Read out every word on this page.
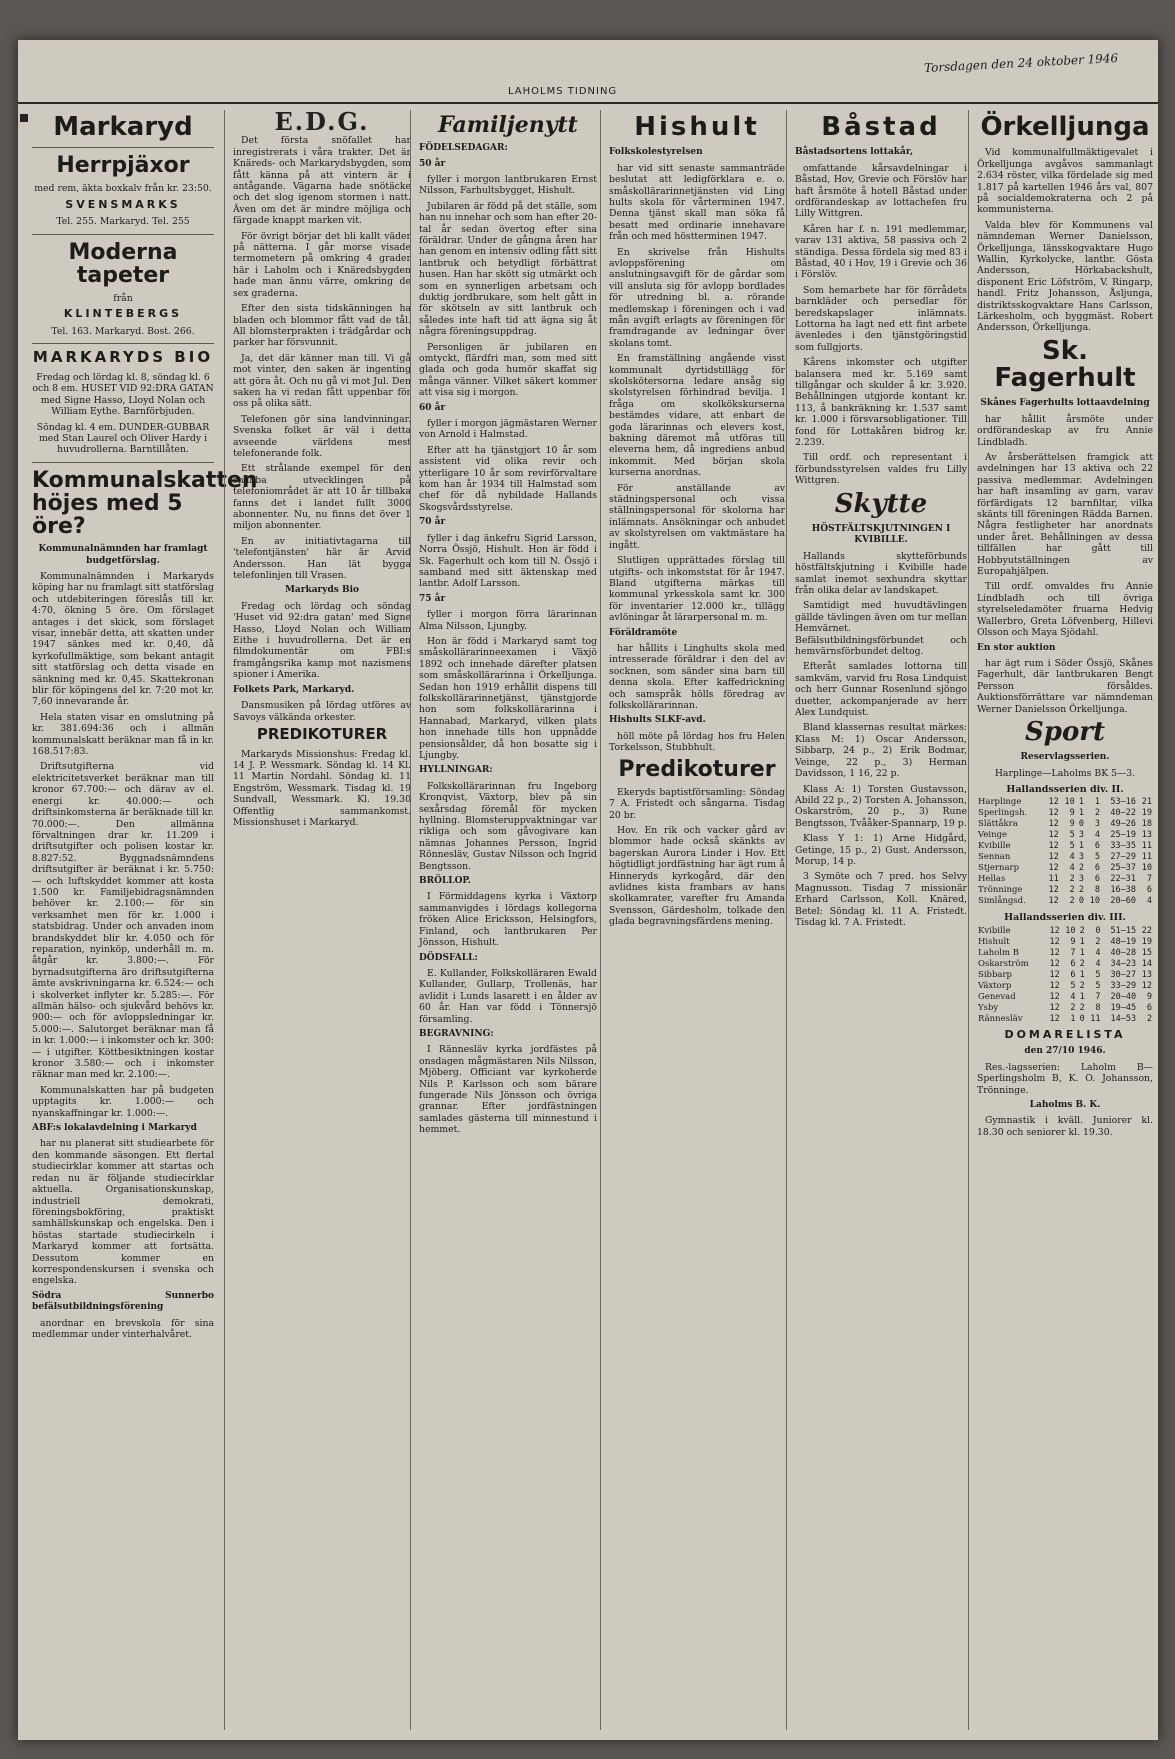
LAHOLMS TIDNING
Torsdagen den 24 oktober 1946
Markaryd
Herrpjäxor

med rem, äkta boxkalv från kr. 23:50.

SVENSMARKS

Tel. 255. Markaryd. Tel. 255

Moderna tapeter

från

KLINTEBERGS

Tel. 163. Markaryd. Bost. 266.

MARKARYDS BIO

Fredag och lördag kl. 8, söndag kl. 6 och 8 em. HUSET VID 92:DRA GATAN med Signe Hasso, Lloyd Nolan och William Eythe. Barnförbjuden.

Söndag kl. 4 em. DUNDER-GUBBAR med Stan Laurel och Oliver Hardy i huvudrollerna. Barntillåten.

Kommunalskatten höjes med 5 öre?

Kommunalnämnden har framlagt budgetförslag.

Kommunalnämnden i Markaryds köping har nu framlagt sitt statförslag och utdebiteringen föreslås till kr. 4:70, ökning 5 öre. Om förslaget antages i det skick, som förslaget visar, innebär detta, att skatten under 1947 sänkes med kr. 0,40, då kyrkofullmäktige, som bekant antagit sitt statförslag och detta visade en sänkning med kr. 0,45. Skattekronan blir för köpingens del kr. 7:20 mot kr. 7,60 innevarande år.

Hela staten visar en omslutning på kr. 381.694:36 och i allmän kommunalskatt beräknar man få in kr. 168.517:83.

Driftsutgifterna vid elektricitetsverket beräknar man till kronor 67.700:— och därav av el. energi kr. 40.000:— och driftsinkomsterna är beräknade till kr. 70.000:—. Den allmänna förvaltningen drar kr. 11.209 i driftsutgifter och polisen kostar kr. 8.827:52. Byggnadsnämndens driftsutgifter är beräknat i kr. 5.750:— och luftskyddet kommer att kosta 1.500 kr. Familjebidragsnämnden behöver kr. 2.100:— för sin verksamhet men för kr. 1.000 i statsbidrag. Under och anvaden inom brandskyddet blir kr. 4.050 och för reparation, nyinköp, underhåll m. m. åtgår kr. 3.800:—. För byrnadsutgifterna äro driftsutgifterna ämte avskrivningarna kr. 6.524:— och i skolverket inflyter kr. 5.285:—. För allmän hälso- och sjukvård behövs kr. 900:— och för avloppsledningar kr. 5.000:—. Salutorget beräknar man få in kr. 1.000:— i inkomster och kr. 300:— i utgifter. Köttbesiktningen kostar kronor 3.580:— och i inkomster räknar man med kr. 2.100:—.

Kommunalskatten har på budgeten upptagits kr. 1.000:— och nyanskaffningar kr. 1.000:—.

ABF:s lokalavdelning i Markaryd

har nu planerat sitt studiearbete för den kommande säsongen. Ett flertal studiecirklar kommer att startas och redan nu är följande studiecirklar aktuella. Organisationskunskap, industriell demokrati, föreningsbokföring, praktiskt samhällskunskap och engelska. Den i höstas startade studiecirkeln i Markaryd kommer att fortsätta. Dessutom kommer en korrespondenskursen i svenska och engelska.

Södra Sunnerbo befälsutbildningsförening

anordnar en brevskola för sina medlemmar under vinterhalvåret.

E.D.G.

Det första snöfallet har inregistrerats i våra trakter. Det är Knäreds- och Markarydsbygden, som fått känna på att vintern är i antågande. Vägarna hade snötäcke och det slog igenom stormen i natt. Även om det är mindre möjliga och färgade knappt marken vit.

För övrigt börjar det bli kallt väder på nätterna. I går morse visade termometern på omkring 4 grader här i Laholm och i Knäredsbygden hade man ännu värre, omkring de sex graderna.

Efter den sista tidskänningen ha bladen och blommor fått vad de tål. All blomsterprakten i trädgårdar och parker har försvunnit.

Ja, det där känner man till. Vi gå mot vinter, den saken är ingenting att göra åt. Och nu gå vi mot Jul. Den saken ha vi redan fått uppenbar för oss på olika sätt.

Telefonen gör sina landvinningar. Svenska folket är väl i detta avseende världens mest telefonerande folk.

Ett strålande exempel för den snabba utvecklingen på telefoniområdet är att 10 år tillbaka fanns det i landet fullt 3000 abonnenter. Nu, nu finns det över 1 miljon abonnenter.

En av initiativtagarna till 'telefontjänsten' här är Arvid Andersson. Han lät bygga telefonlinjen till Vrasen.

Markaryds Bio

Fredag och lördag och söndag 'Huset vid 92:dra gatan' med Signe Hasso, Lloyd Nolan och William Eithe i huvudrollerna. Det är en filmdokumentär om FBI:s framgångsrika kamp mot nazismens spioner i Amerika.

Folkets Park, Markaryd.

Dansmusiken på lördag utföres av Savoys välkända orkester.

PREDIKOTURER

Markaryds Missionshus: Fredag kl. 14 J. P. Wessmark. Söndag kl. 14 Kl. 11 Martin Nordahl. Söndag kl. 11 Engström, Wessmark. Tisdag kl. 19 Sundvall, Wessmark. Kl. 19.30 Offentlig sammankomst. Missionshuset i Markaryd.

Familjenytt

FÖDELSEDAGAR:

50 år

fyller i morgon lantbrukaren Ernst Nilsson, Farhultsbygget, Hishult.

Jubilaren är född på det ställe, som han nu innehar och som han efter 20-tal år sedan övertog efter sina föräldrar. Under de gångna åren har han genom en intensiv odling fått sitt lantbruk och betydligt förbättrat husen. Han har skött sig utmärkt och som en synnerligen arbetsam och duktig jordbrukare, som helt gått in för skötseln av sitt lantbruk och således inte haft tid att ägna sig åt några föreningsuppdrag.

Personligen är jubilaren en omtyckt, flärdfri man, som med sitt glada och goda humör skaffat sig många vänner. Vilket säkert kommer att visa sig i morgon.

60 år

fyller i morgon jägmästaren Werner von Arnold i Halmstad.

Efter att ha tjänstgjort 10 år som assistent vid olika revir och ytterligare 10 år som revirförvaltare kom han år 1934 till Halmstad som chef för då nybildade Hallands Skogsvårdsstyrelse.

70 år

fyller i dag änkefru Sigrid Larsson, Norra Össjö, Hishult. Hon är född i Sk. Fagerhult och kom till N. Össjö i samband med sitt äktenskap med lantbr. Adolf Larsson.

75 år

fyller i morgon förra lärarinnan Alma Nilsson, Ljungby.

Hon är född i Markaryd samt tog småskollärarinneexamen i Växjö 1892 och innehade därefter platsen som småskollärarinna i Örkelljunga. Sedan hon 1919 erhållit dispens till folkskollärarinnetjänst, tjänstgjorde hon som folkskollärarinna i Hannabad, Markaryd, vilken plats hon innehade tills hon uppnådde pensionsålder, då hon bosatte sig i Ljungby.

HYLLNINGAR:

Folkskollärarinnan fru Ingeborg Kronqvist, Växtorp, blev på sin sexårsdag föremål för mycken hyllning. Blomsteruppvaktningar var rikliga och som gåvogivare kan nämnas Johannes Persson, Ingrid Rönnesläv, Gustav Nilsson och Ingrid Bengtsson.

BRÖLLOP.

I Förmiddagens kyrka i Växtorp sammanvigdes i lördags kollegorna fröken Alice Ericksson, Helsingfors, Finland, och lantbrukaren Per Jönsson, Hishult.

DÖDSFALL:

E. Kullander, Folkskolläraren Ewald Kullander, Gullarp, Trollenäs, har avlidit i Lunds lasarett i en ålder av 60 år. Han var född i Tönnersjö församling.

BEGRAVNING:

I Rännesläv kyrka jordfästes på onsdagen mågmästaren Nils Nilsson, Mjöberg. Officiant var kyrkoherde Nils P. Karlsson och som bärare fungerade Nils Jönsson och övriga grannar. Efter jordfästningen samlades gästerna till minnestund i hemmet.

Hishult

Folkskolestyrelsen

har vid sitt senaste sammanträde beslutat att ledigförklara e. o. småskollärarinnetjänsten vid Ling hults skola för vårterminen 1947. Denna tjänst skall man söka få besatt med ordinarie innehavare från och med höstterminen 1947.

En skrivelse från Hishults avloppsförening om anslutningsavgift för de gårdar som vill ansluta sig för avlopp bordlades för utredning bl. a. rörande medlemskap i föreningen och i vad mån avgift erlagts av föreningen för framdragande av ledningar över skolans tomt.

En framställning angående visst kommunalt dyrtidstillägg för skolskötersorna ledare ansåg sig skolstyrelsen förhindrad bevilja. I fråga om skolkökskurserna bestämdes vidare, att enbart de goda lärarinnas och elevers kost, bakning däremot må utföras till eleverna hem, då ingrediens anbud inkommit. Med början skola kurserna anordnas.

För anställande av städningspersonal och vissa ställningspersonal för skolorna har inlämnats. Ansökningar och anbudet av skolstyrelsen om vaktmästare ha ingått.

Slutligen upprättades förslag till utgifts- och inkomststat för år 1947. Bland utgifterna märkas till kommunal yrkesskola samt kr. 300 för inventarier 12.000 kr., tillägg avlöningar åt lärarpersonal m. m.

Föräldramöte

har hållits i Linghults skola med intresserade föräldrar i den del av socknen, som sänder sina barn till denna skola. Efter kaffedrickning och samspråk hölls föredrag av folkskollärarinnan.

Hishults SLKF-avd.

höll möte på lördag hos fru Helen Torkelsson, Stubbhult.

Predikoturer

Ekeryds baptistförsamling: Söndag 7 A. Fristedt och sångarna. Tisdag 20 br.

Hov. En rik och vacker gård av blommor hade också skänkts av bagerskan Aurora Linder i Hov. Ett högtidligt jordfästning har ägt rum å Hinneryds kyrkogård, där den avlidnes kista frambars av hans skolkamrater, varefter fru Amanda Svensson, Gärdesholm, tolkade den glada begravningsfärdens mening.

Båstad

Båstadsortens lottakår,

omfattande kårsavdelningar i Båstad, Hov, Grevie och Förslöv har haft årsmöte å hotell Båstad under ordförandeskap av lottachefen fru Lilly Wittgren.

Kåren har f. n. 191 medlemmar, varav 131 aktiva, 58 passiva och 2 ständiga. Dessa fördela sig med 83 i Båstad, 40 i Hov, 19 i Grevie och 36 i Förslöv.

Som hemarbete har för förrådets barnkläder och persedlar för beredskapslager inlämnats. Lottorna ha lagt ned ett fint arbete ävenledes i den tjänstgöringstid som fullgjorts.

Kårens inkomster och utgifter balansera med kr. 5.169 samt tillgångar och skulder å kr. 3.920. Behållningen utgjorde kontant kr. 113, å bankräkning kr. 1.537 samt kr. 1.000 i försvarsobligationer. Till fond för Lottakåren bidrog kr. 2.239.

Till ordf. och representant i förbundsstyrelsen valdes fru Lilly Wittgren.

Skytte

HÖSTFÄLTSKJUTNINGEN I KVIBILLE.

Hallands skytteförbunds höstfältskjutning i Kvibille hade samlat inemot sexhundra skyttar från olika delar av landskapet.

Samtidigt med huvudtävlingen gällde tävlingen även om tur mellan Hemvärnet. Befälsutbildningsförbundet och hemvärnsförbundet deltog.

Efteråt samlades lottorna till samkväm, varvid fru Rosa Lindquist och herr Gunnar Rosenlund sjöngo duetter, ackompanjerade av herr Alex Lundquist.

Bland klassernas resultat märkes: Klass M: 1) Oscar Andersson, Sibbarp, 24 p., 2) Erik Bodmar, Veinge, 22 p., 3) Herman Davidsson, 1 16, 22 p.

Klass A: 1) Torsten Gustavsson, Abild 22 p., 2) Torsten A. Johansson, Oskarström, 20 p., 3) Rune Bengtsson, Tvååker-Spannarp, 19 p.

Klass Y 1: 1) Arne Hidgård, Getinge, 15 p., 2) Gust. Andersson, Morup, 14 p.

3 Symöte och 7 pred. hos Selvy Magnusson. Tisdag 7 missionär Erhard Carlsson, Koll. Knäred, Betel: Söndag kl. 11 A. Fristedt. Tisdag kl. 7 A. Fristedt.

Örkelljunga

Vid kommunalfullmäktigevalet i Örkelljunga avgåvos sammanlagt 2.634 röster, vilka fördelade sig med 1.817 på kartellen 1946 års val, 807 på socialdemokraterna och 2 på kommunisterna.

Valda blev för Kommunens val nämndeman Werner Danielsson, Örkelljunga, länsskogvaktare Hugo Wallin, Kyrkolycke, lantbr. Gösta Andersson, Hörkabackshult, disponent Eric Löfström, V. Ringarp, handl. Fritz Johansson, Åsljunga, distriktsskogvaktare Hans Carlsson, Lärkesholm, och byggmäst. Robert Andersson, Örkelljunga.

Sk. Fagerhult

Skånes Fagerhults lottaavdelning

har hållit årsmöte under ordförandeskap av fru Annie Lindbladh.

Av årsberättelsen framgick att avdelningen har 13 aktiva och 22 passiva medlemmar. Avdelningen har haft insamling av garn, varav förfärdigats 12 barnfiltar, vilka skänts till föreningen Rädda Barnen. Några festligheter har anordnats under året. Behållningen av dessa tillfällen har gått till Hobbyutställningen av Europahjälpen.

Till ordf. omvaldes fru Annie Lindbladh och till övriga styrelseledamöter fruarna Hedvig Wallerbro, Greta Löfvenberg, Hillevi Olsson och Maya Sjödahl.

En stor auktion

har ägt rum i Söder Össjö, Skånes Fagerhult, där lantbrukaren Bengt Persson försåldes. Auktionsförrättare var nämndeman Werner Danielsson Örkelljunga.

Sport

Reservlagsserien.

Harplinge—Laholms BK 5—3.

Hallandsserien div. II.
Harplinge	12	10	1	1	53—16	21
Sperlingsh.	12	9	1	2	40—22	19
Slättåkra	12	9	0	3	49—26	18
Veinge	12	5	3	4	25—19	13
Kvibille	12	5	1	6	33—35	11
Sennan	12	4	3	5	27—29	11
Stjernarp	12	4	2	6	25—37	10
Hellas	11	2	3	6	22—31	7
Trönninge	12	2	2	8	16—38	6
Simlångsd.	12	2	0	10	20—60	4
Hallandsserien div. III.
Kvibille	12	10	2	0	51—15	22
Hishult	12	9	1	2	48—19	19
Laholm B	12	7	1	4	40—28	15
Oskarström	12	6	2	4	34—23	14
Sibbarp	12	6	1	5	30—27	13
Växtorp	12	5	2	5	33—29	12
Genevad	12	4	1	7	20—40	9
Ysby	12	2	2	8	19—45	6
Rännesläv	12	1	0	11	14—53	2
DOMARELISTA

den 27/10 1946.

Res.-lagsserien: Laholm B—Sperlingsholm B, K. O. Johansson, Trönninge.

Laholms B. K.

Gymnastik i kväll. Juniorer kl. 18.30 och seniorer kl. 19.30.
